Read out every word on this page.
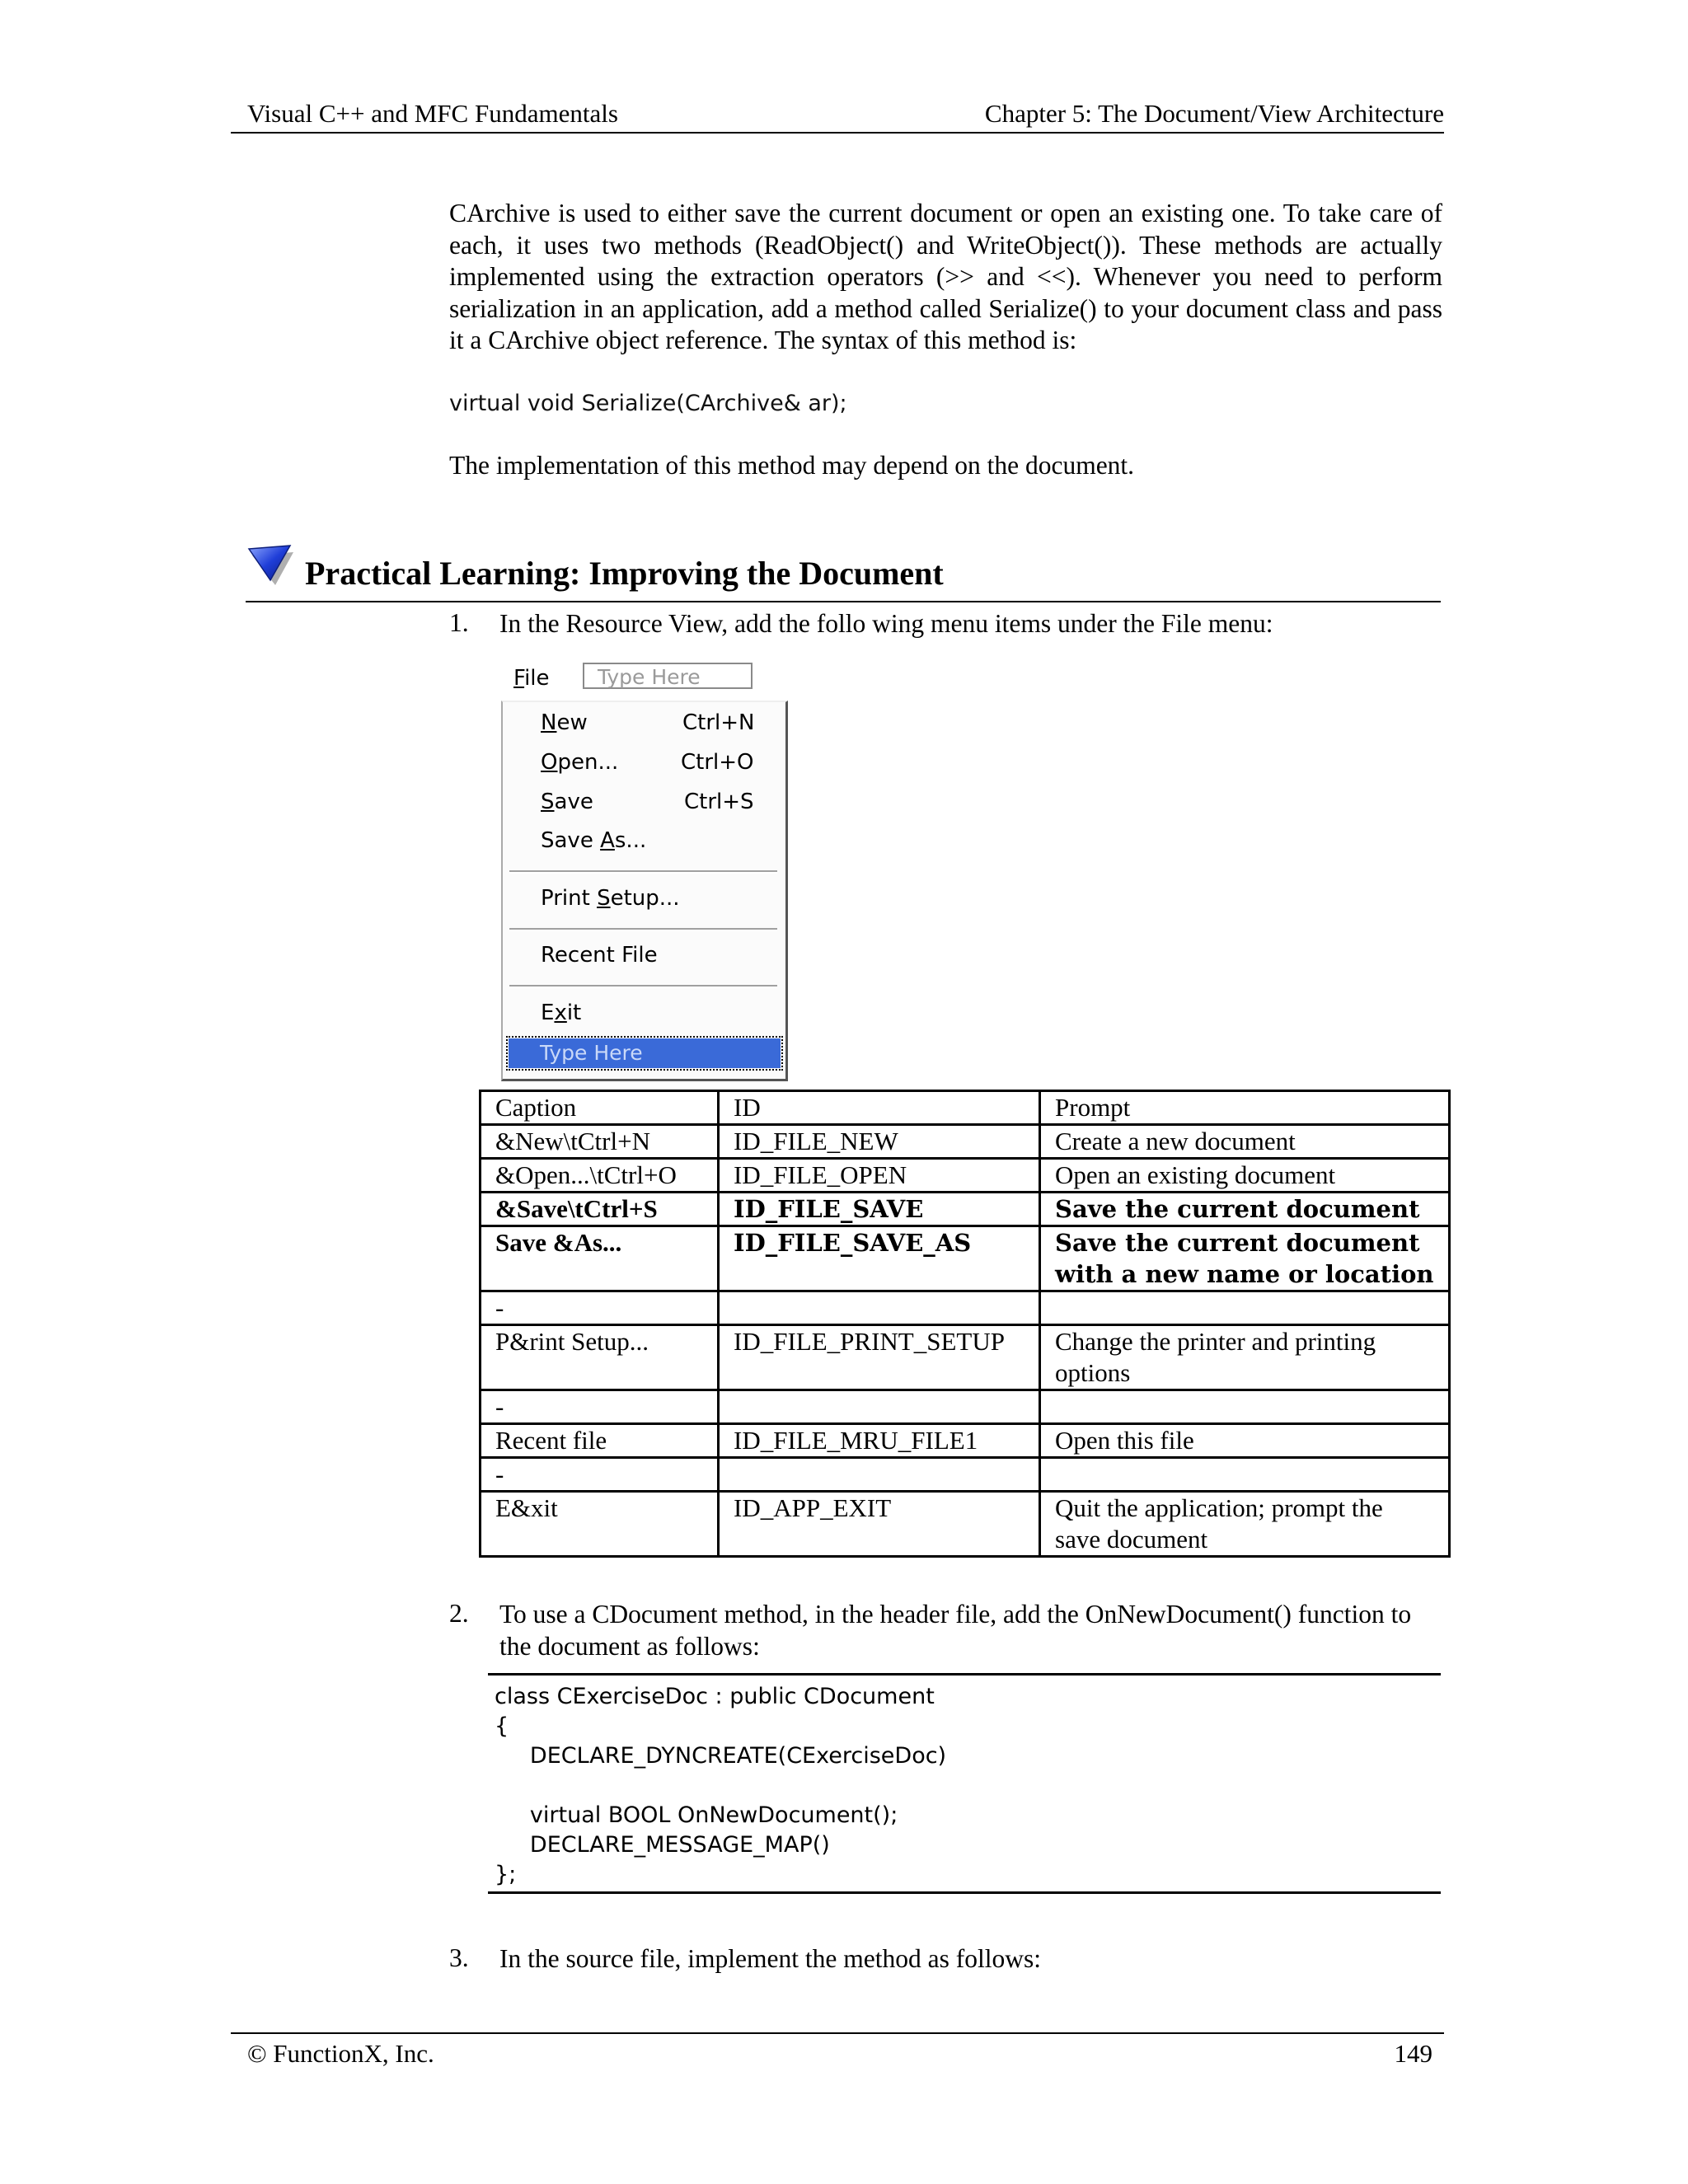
Visual C++ and MFC Fundamentals	Chapter 5: The Document/View Architecture

CArchive is used to either save the current document or open an existing one. To take care of each, it uses two methods (ReadObject() and WriteObject()). These methods are actually implemented using the extraction operators (>> and <<). Whenever you need to perform serialization in an application, add a method called Serialize() to your document class and pass it a CArchive object reference. The syntax of this method is:

virtual void Serialize(CArchive& ar);

The implementation of this method may depend on the document.

Practical Learning: Improving the Document
1. In the Resource View, add the follo wing menu items under the File menu:

File	Type Here
New	Ctrl+N
Open...	Ctrl+O
Save	Ctrl+S
Save As...
Print Setup...
Recent File
Exit
Type Here
Caption	ID	Prompt
&New\tCtrl+N	ID_FILE_NEW	Create a new document
&Open...\tCtrl+O	ID_FILE_OPEN	Open an existing document
&Save\tCtrl+S	ID_FILE_SAVE	Save the current document
Save &As...	ID_FILE_SAVE_AS	Save the current document with a new name or location
-		
P&rint Setup...	ID_FILE_PRINT_SETUP	Change the printer and printing options
-		
Recent file	ID_FILE_MRU_FILE1	Open this file
-		
E&xit	ID_APP_EXIT	Quit the application; prompt the save document
2. To use a CDocument method, in the header file, add the OnNewDocument() function to the document as follows:

class CExerciseDoc : public CDocument
{
DECLARE_DYNCREATE(CExerciseDoc)
virtual BOOL OnNewDocument();
DECLARE_MESSAGE_MAP()
};
3. In the source file, implement the method as follows:

© FunctionX, Inc.	149
